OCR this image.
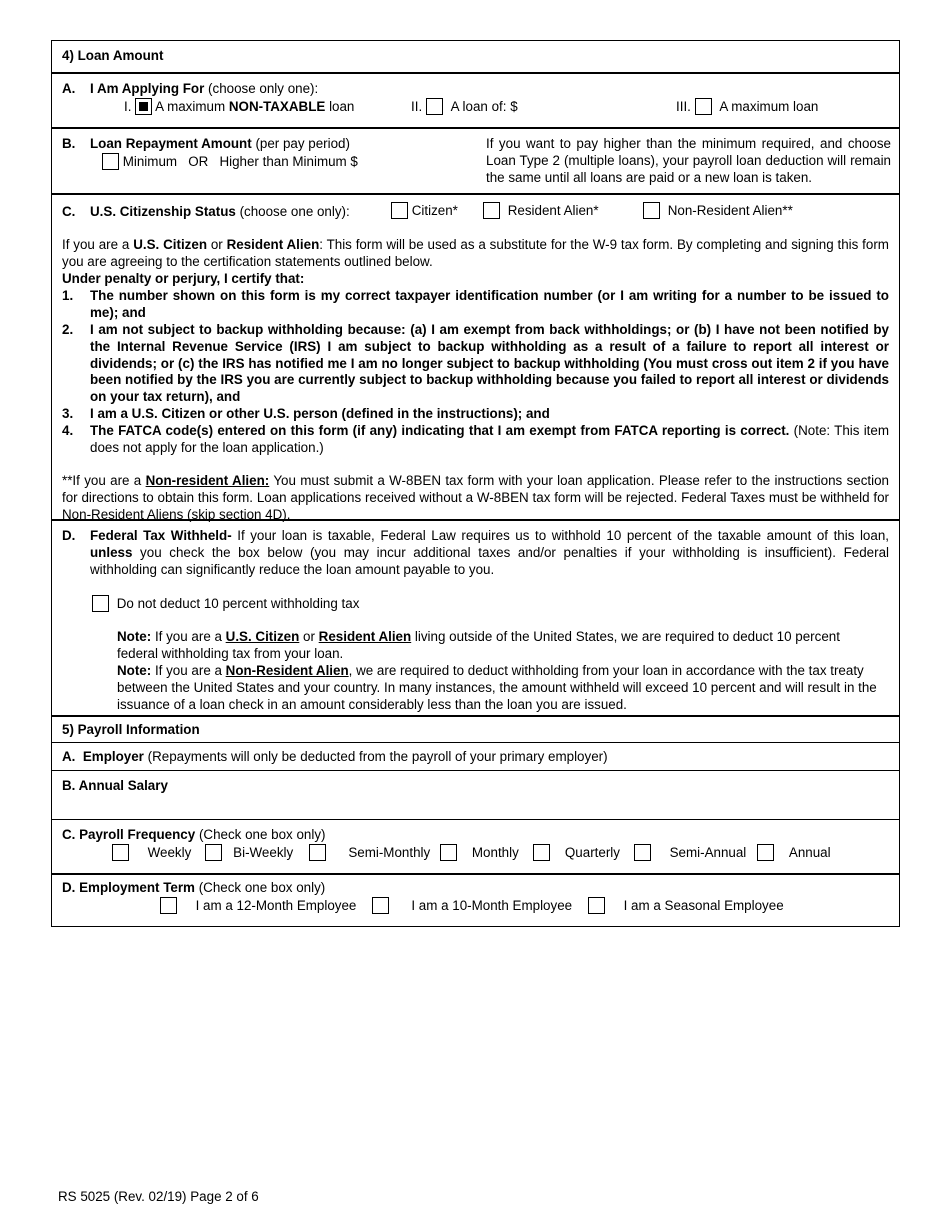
4) Loan Amount
A. I Am Applying For (choose only one):
I. A maximum NON-TAXABLE loan	II. A loan of: $	III. A maximum loan
B. Loan Repayment Amount (per pay period)
Minimum   OR   Higher than Minimum $
If you want to pay higher than the minimum required, and choose Loan Type 2 (multiple loans), your payroll loan deduction will remain the same until all loans are paid or a new loan is taken.
C. U.S. Citizenship Status (choose one only):	Citizen*	Resident Alien*	Non-Resident Alien**
If you are a U.S. Citizen or Resident Alien: This form will be used as a substitute for the W-9 tax form. By completing and signing this form you are agreeing to the certification statements outlined below.
Under penalty or perjury, I certify that:
1. The number shown on this form is my correct taxpayer identification number (or I am writing for a number to be issued to me); and
2. I am not subject to backup withholding because: (a) I am exempt from back withholdings; or (b) I have not been notified by the Internal Revenue Service (IRS) I am subject to backup withholding as a result of a failure to report all interest or dividends; or (c) the IRS has notified me I am no longer subject to backup withholding (You must cross out item 2 if you have been notified by the IRS you are currently subject to backup withholding because you failed to report all interest or dividends on your tax return), and
3. I am a U.S. Citizen or other U.S. person (defined in the instructions); and
4. The FATCA code(s) entered on this form (if any) indicating that I am exempt from FATCA reporting is correct. (Note: This item does not apply for the loan application.)
**If you are a Non-resident Alien: You must submit a W-8BEN tax form with your loan application. Please refer to the instructions section for directions to obtain this form. Loan applications received without a W-8BEN tax form will be rejected. Federal Taxes must be withheld for Non-Resident Aliens (skip section 4D).
D. Federal Tax Withheld- If your loan is taxable, Federal Law requires us to withhold 10 percent of the taxable amount of this loan, unless you check the box below (you may incur additional taxes and/or penalties if your withholding is insufficient). Federal withholding can significantly reduce the loan amount payable to you.
Do not deduct 10 percent withholding tax
Note: If you are a U.S. Citizen or Resident Alien living outside of the United States, we are required to deduct 10 percent federal withholding tax from your loan.
Note: If you are a Non-Resident Alien, we are required to deduct withholding from your loan in accordance with the tax treaty between the United States and your country. In many instances, the amount withheld will exceed 10 percent and will result in the issuance of a loan check in an amount considerably less than the loan you are issued.
5) Payroll Information
A. Employer (Repayments will only be deducted from the payroll of your primary employer)
B. Annual Salary
C. Payroll Frequency (Check one box only)
Weekly	Bi-Weekly	Semi-Monthly	Monthly	Quarterly	Semi-Annual	Annual
D. Employment Term (Check one box only)
I am a 12-Month Employee	I am a 10-Month Employee	I am a Seasonal Employee
RS 5025 (Rev. 02/19) Page 2 of 6
